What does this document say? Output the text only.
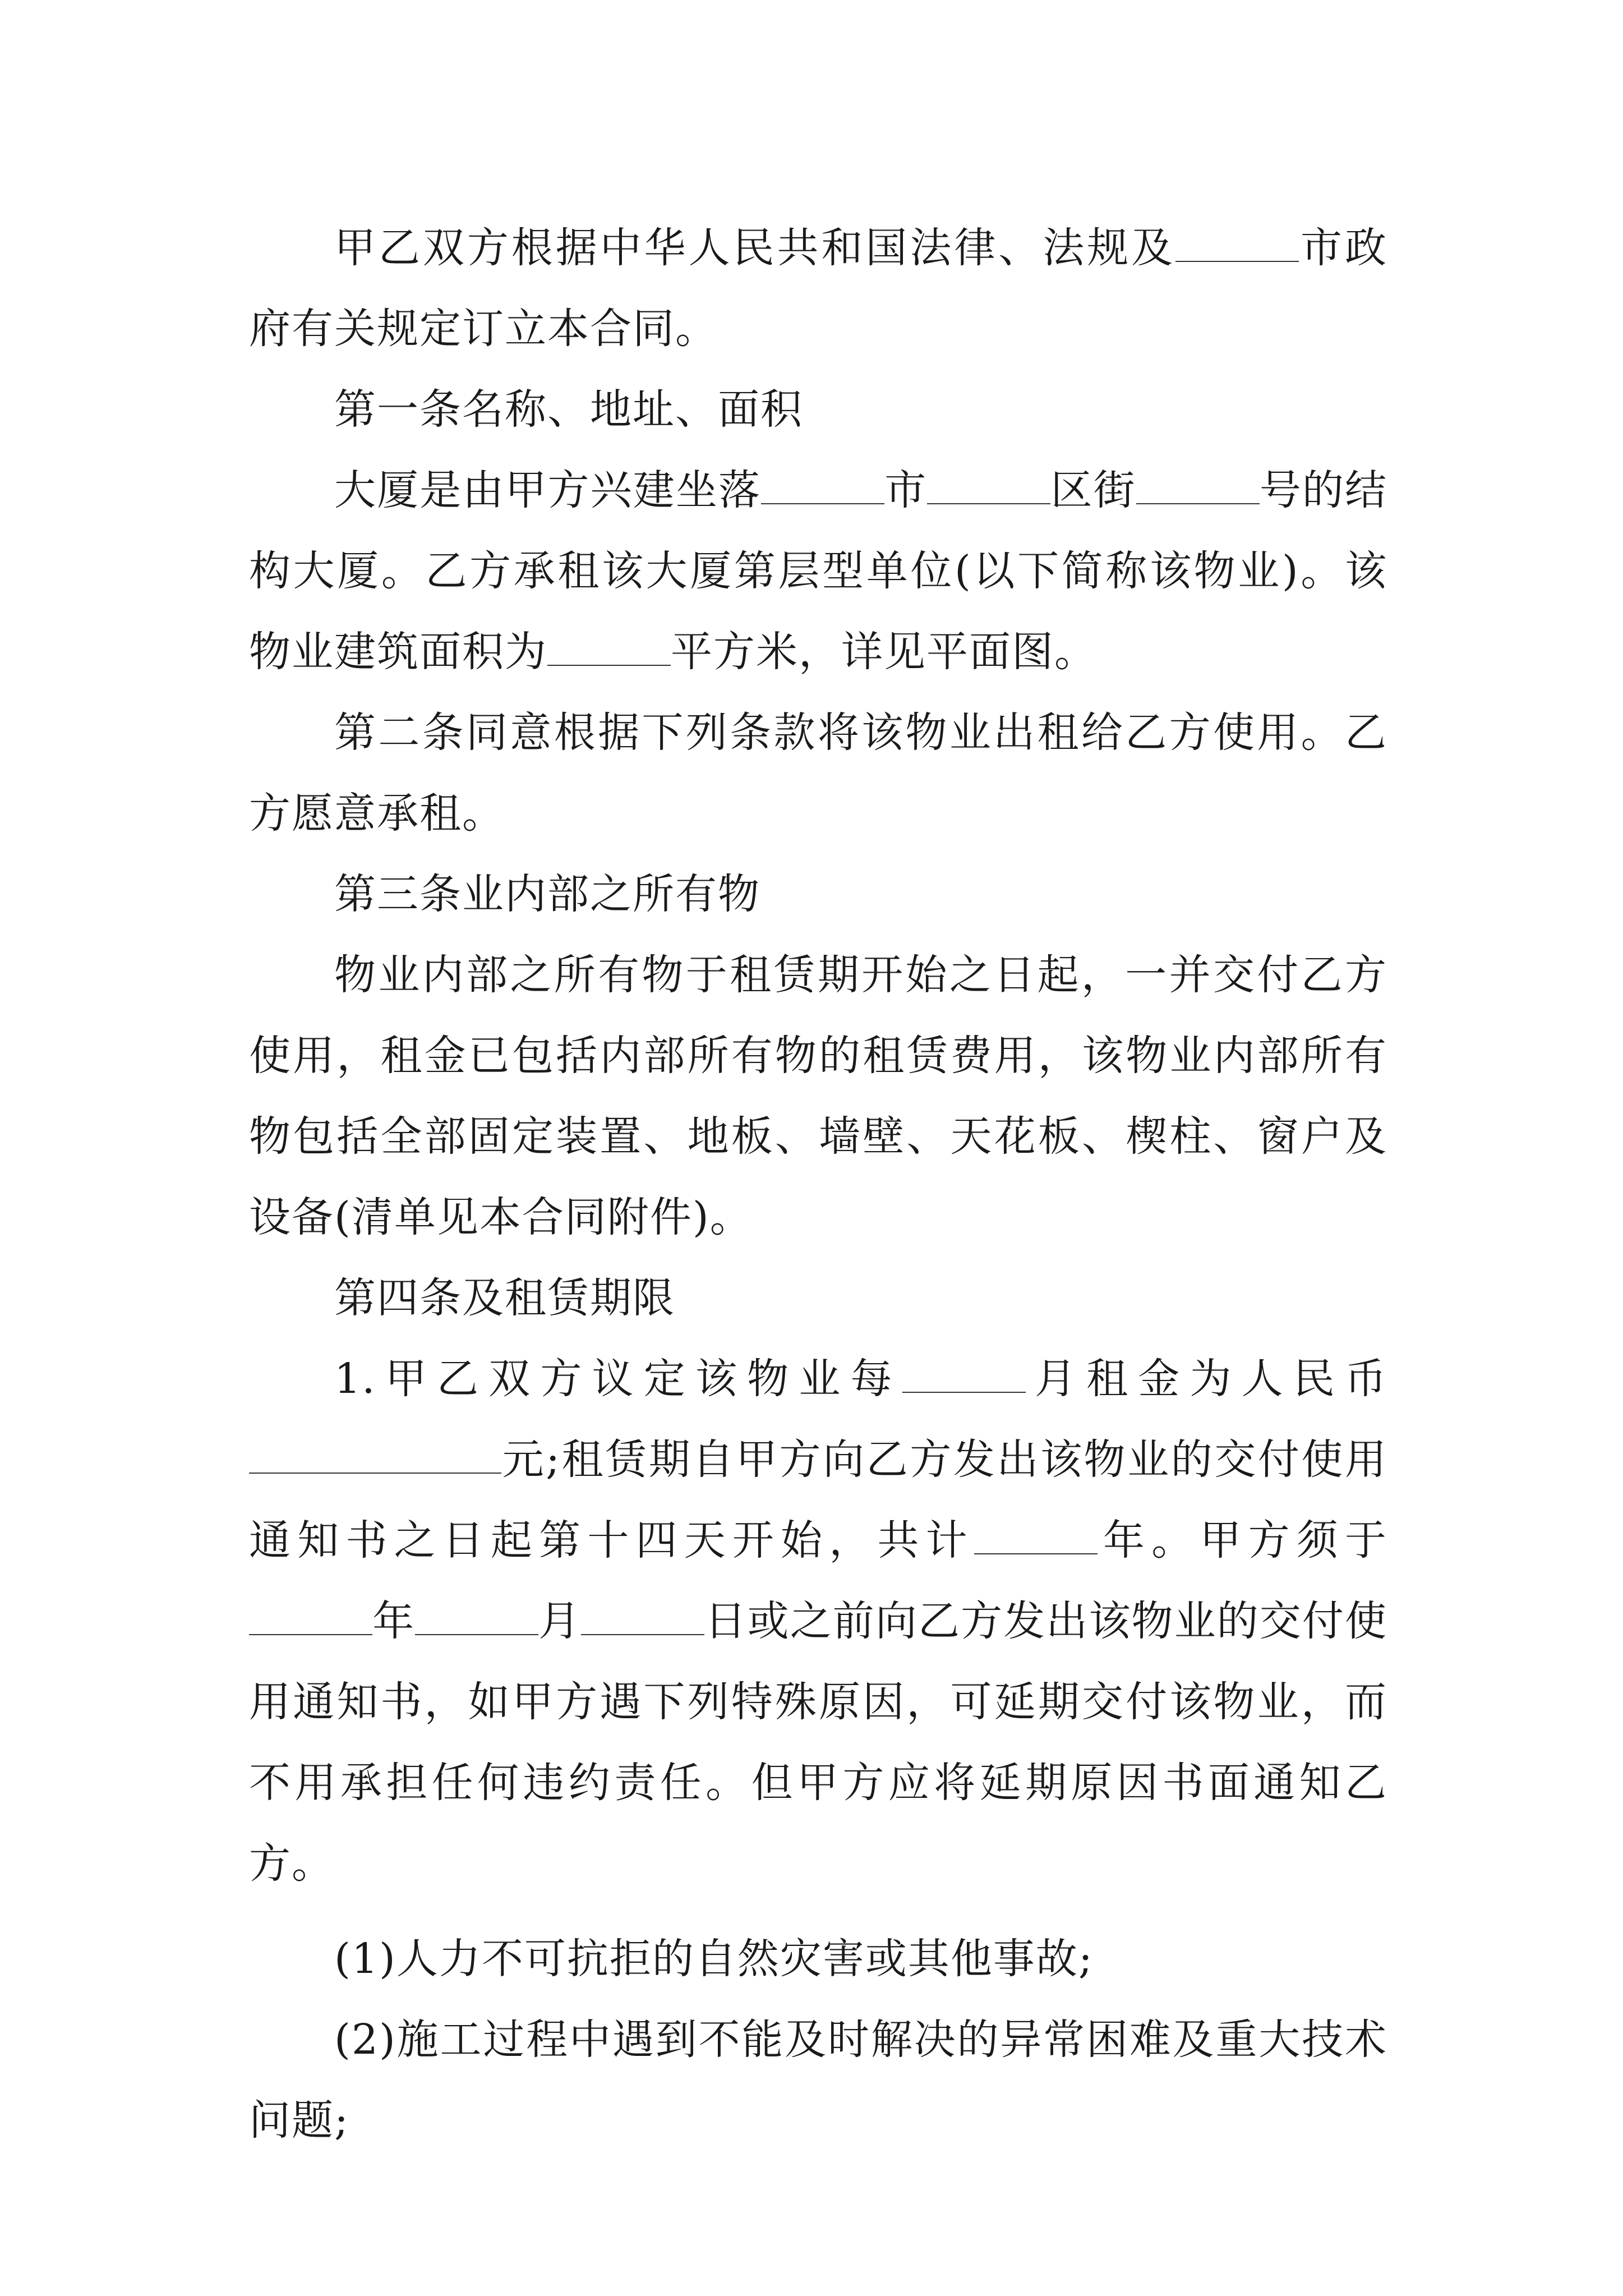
甲乙双方根据中华人民共和国法律、法规及	市政府有关规定订立本合同。

第一条名称、地址、面积

大厦是由甲方兴建坐落	市	区街	号的结构大厦。乙方承租该大厦第层型单位(以下简称该物业)。该物业建筑面积为	平方米，详见平面图。

第二条同意根据下列条款将该物业出租给乙方使用。乙方愿意承租。

第三条业内部之所有物

物业内部之所有物于租赁期开始之日起，一并交付乙方使用，租金已包括内部所有物的租赁费用，该物业内部所有物包括全部固定装置、地板、墙壁、天花板、楔柱、窗户及设备(清单见本合同附件)。

第四条及租赁期限

1.甲乙双方议定该物业每	月租金为人民币元;租赁期自甲方向乙方发出该物业的交付使用通知书之日起第十四天开始，共计	年。甲方须于年	月	日或之前向乙方发出该物业的交付使用通知书，如甲方遇下列特殊原因，可延期交付该物业，而不用承担任何违约责任。但甲方应将延期原因书面通知乙方。

(1)人力不可抗拒的自然灾害或其他事故;

(2)施工过程中遇到不能及时解决的异常困难及重大技术问题;
